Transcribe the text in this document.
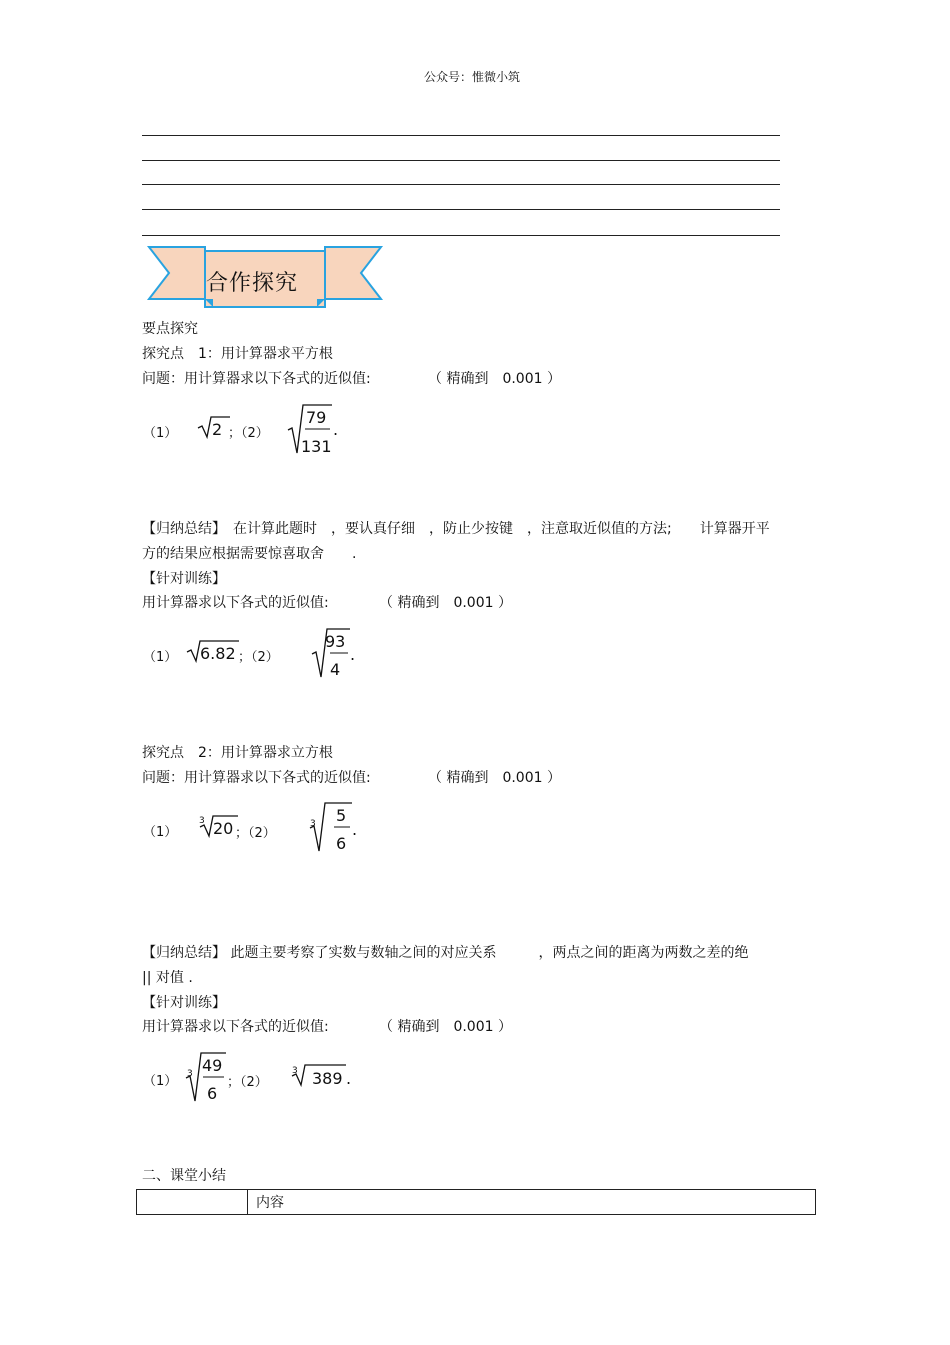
公众号：惟微小筑
合作探究
要点探究
探究点　1：用计算器求平方根
问题：用计算器求以下各式的近似值:	（ 精确到　0.001 ）
（1） 2 ；（2）
79
131
.
【归纳总结】　在计算此题时　，要认真仔细　，防止少按键　，注意取近似值的方法;　　计算器开平
方的结果应根据需要惊喜取舍　　.
【针对训练】
用计算器求以下各式的近似值:	（ 精确到　0.001 ）
（1） 6.82 ；（2）
93
4
.
探究点　2：用计算器求立方根
问题：用计算器求以下各式的近似值:	（ 精确到　0.001 ）
（1）
3 20 ；（2）
3 5
6
.
【归纳总结】 此题主要考察了实数与数轴之间的对应关系　　　，两点之间的距离为两数之差的绝
|| 对值 .
【针对训练】
用计算器求以下各式的近似值:	（ 精确到　0.001 ）
（1） 3 49
6
；（2）
3 389 .
二、课堂小结
	内容
